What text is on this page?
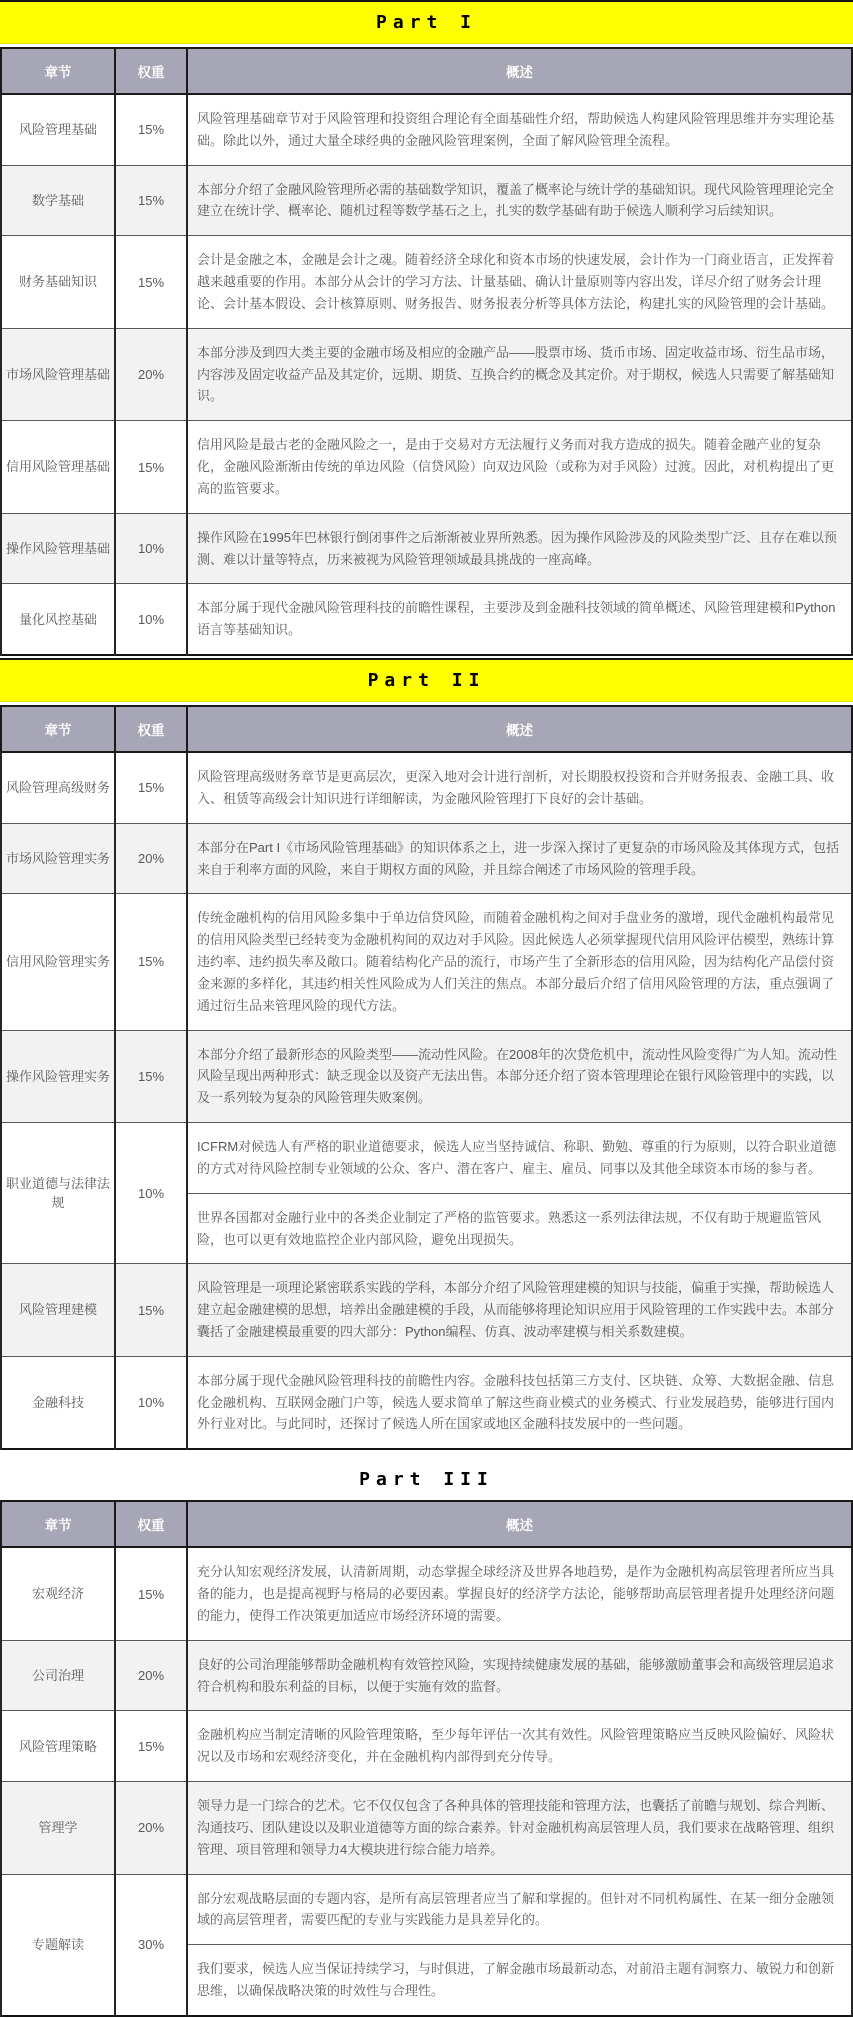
Part I
章节	权重	概述
风险管理基础	15%	风险管理基础章节对于风险管理和投资组合理论有全面基础性介绍，帮助候选人构建风险管理思维并夯实理论基础。除此以外，通过大量全球经典的金融风险管理案例，全面了解风险管理全流程。
数学基础	15%	本部分介绍了金融风险管理所必需的基础数学知识，覆盖了概率论与统计学的基础知识。现代风险管理理论完全建立在统计学、概率论、随机过程等数学基石之上，扎实的数学基础有助于候选人顺利学习后续知识。
财务基础知识	15%	会计是金融之本，金融是会计之魂。随着经济全球化和资本市场的快速发展，会计作为一门商业语言，正发挥着越来越重要的作用。本部分从会计的学习方法、计量基础、确认计量原则等内容出发，详尽介绍了财务会计理论、会计基本假设、会计核算原则、财务报告、财务报表分析等具体方法论，构建扎实的风险管理的会计基础。
市场风险管理基础	20%	本部分涉及到四大类主要的金融市场及相应的金融产品——股票市场、货币市场、固定收益市场、衍生品市场，内容涉及固定收益产品及其定价，远期、期货、互换合约的概念及其定价。对于期权，候选人只需要了解基础知识。
信用风险管理基础	15%	信用风险是最古老的金融风险之一，是由于交易对方无法履行义务而对我方造成的损失。随着金融产业的复杂化，金融风险渐渐由传统的单边风险（信贷风险）向双边风险（或称为对手风险）过渡。因此，对机构提出了更高的监管要求。
操作风险管理基础	10%	操作风险在1995年巴林银行倒闭事件之后渐渐被业界所熟悉。因为操作风险涉及的风险类型广泛、且存在难以预测、难以计量等特点，历来被视为风险管理领域最具挑战的一座高峰。
量化风控基础	10%	本部分属于现代金融风险管理科技的前瞻性课程，主要涉及到金融科技领域的简单概述、风险管理建模和Python语言等基础知识。
Part II
章节	权重	概述
风险管理高级财务	15%	风险管理高级财务章节是更高层次，更深入地对会计进行剖析，对长期股权投资和合并财务报表、金融工具、收入、租赁等高级会计知识进行详细解读，为金融风险管理打下良好的会计基础。
市场风险管理实务	20%	本部分在Part I《市场风险管理基础》的知识体系之上，进一步深入探讨了更复杂的市场风险及其体现方式，包括来自于利率方面的风险，来自于期权方面的风险，并且综合阐述了市场风险的管理手段。
信用风险管理实务	15%	传统金融机构的信用风险多集中于单边信贷风险，而随着金融机构之间对手盘业务的激增，现代金融机构最常见的信用风险类型已经转变为金融机构间的双边对手风险。因此候选人必须掌握现代信用风险评估模型，熟练计算违约率、违约损失率及敞口。随着结构化产品的流行，市场产生了全新形态的信用风险，因为结构化产品偿付资金来源的多样化，其违约相关性风险成为人们关注的焦点。本部分最后介绍了信用风险管理的方法，重点强调了通过衍生品来管理风险的现代方法。
操作风险管理实务	15%	本部分介绍了最新形态的风险类型——流动性风险。在2008年的次贷危机中，流动性风险变得广为人知。流动性风险呈现出两种形式：缺乏现金以及资产无法出售。本部分还介绍了资本管理理论在银行风险管理中的实践，以及一系列较为复杂的风险管理失败案例。
职业道德与法律法规	10%	ICFRM对候选人有严格的职业道德要求，候选人应当坚持诚信、称职、勤勉、尊重的行为原则，以符合职业道德的方式对待风险控制专业领域的公众、客户、潜在客户、雇主、雇员、同事以及其他全球资本市场的参与者。
		世界各国都对金融行业中的各类企业制定了严格的监管要求。熟悉这一系列法律法规，不仅有助于规避监管风险，也可以更有效地监控企业内部风险，避免出现损失。
风险管理建模	15%	风险管理是一项理论紧密联系实践的学科，本部分介绍了风险管理建模的知识与技能，偏重于实操，帮助候选人建立起金融建模的思想，培养出金融建模的手段，从而能够将理论知识应用于风险管理的工作实践中去。本部分囊括了金融建模最重要的四大部分：Python编程、仿真、波动率建模与相关系数建模。
金融科技	10%	本部分属于现代金融风险管理科技的前瞻性内容。金融科技包括第三方支付、区块链、众筹、大数据金融、信息化金融机构、互联网金融门户等，候选人要求简单了解这些商业模式的业务模式、行业发展趋势，能够进行国内外行业对比。与此同时，还探讨了候选人所在国家或地区金融科技发展中的一些问题。
Part III
章节	权重	概述
宏观经济	15%	充分认知宏观经济发展，认清新周期，动态掌握全球经济及世界各地趋势，是作为金融机构高层管理者所应当具备的能力，也是提高视野与格局的必要因素。掌握良好的经济学方法论，能够帮助高层管理者提升处理经济问题的能力，使得工作决策更加适应市场经济环境的需要。
公司治理	20%	良好的公司治理能够帮助金融机构有效管控风险，实现持续健康发展的基础，能够激励董事会和高级管理层追求符合机构和股东利益的目标，以便于实施有效的监督。
风险管理策略	15%	金融机构应当制定清晰的风险管理策略，至少每年评估一次其有效性。风险管理策略应当反映风险偏好、风险状况以及市场和宏观经济变化，并在金融机构内部得到充分传导。
管理学	20%	领导力是一门综合的艺术。它不仅仅包含了各种具体的管理技能和管理方法，也囊括了前瞻与规划、综合判断、沟通技巧、团队建设以及职业道德等方面的综合素养。针对金融机构高层管理人员，我们要求在战略管理、组织管理、项目管理和领导力4大模块进行综合能力培养。
专题解读	30%	部分宏观战略层面的专题内容，是所有高层管理者应当了解和掌握的。但针对不同机构属性、在某一细分金融领域的高层管理者，需要匹配的专业与实践能力是具差异化的。
		我们要求，候选人应当保证持续学习，与时俱进，了解金融市场最新动态，对前沿主题有洞察力、敏锐力和创新思维，以确保战略决策的时效性与合理性。
